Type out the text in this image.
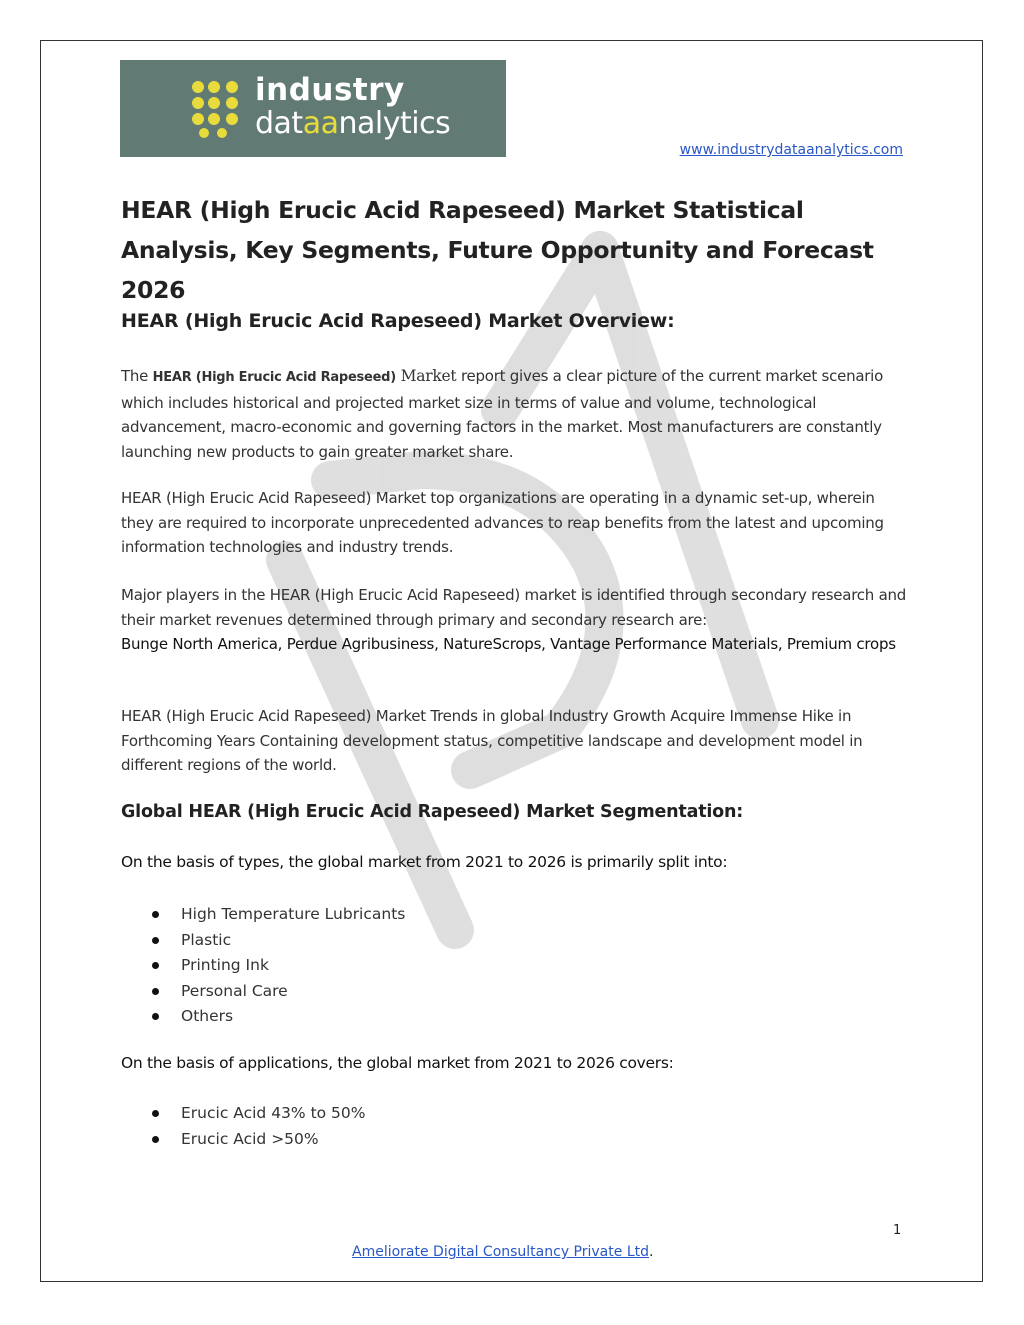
industry
dataanalytics
www.industrydataanalytics.com
HEAR (High Erucic Acid Rapeseed) Market Statistical Analysis, Key Segments, Future Opportunity and Forecast 2026
HEAR (High Erucic Acid Rapeseed) Market Overview:

The HEAR (High Erucic Acid Rapeseed) Market report gives a clear picture of the current market scenario which includes historical and projected market size in terms of value and volume, technological advancement, macro-economic and governing factors in the market. Most manufacturers are constantly launching new products to gain greater market share.

HEAR (High Erucic Acid Rapeseed) Market top organizations are operating in a dynamic set-up, wherein they are required to incorporate unprecedented advances to reap benefits from the latest and upcoming information technologies and industry trends.

Major players in the HEAR (High Erucic Acid Rapeseed) market is identified through secondary research and their market revenues determined through primary and secondary research are:

Bunge North America, Perdue Agribusiness, NatureScrops, Vantage Performance Materials, Premium crops

HEAR (High Erucic Acid Rapeseed) Market Trends in global Industry Growth Acquire Immense Hike in Forthcoming Years Containing development status, competitive landscape and development model in different regions of the world.

Global HEAR (High Erucic Acid Rapeseed) Market Segmentation:
On the basis of types, the global market from 2021 to 2026 is primarily split into:
High Temperature Lubricants
Plastic
Printing Ink
Personal Care
Others
On the basis of applications, the global market from 2021 to 2026 covers:
Erucic Acid 43% to 50%
Erucic Acid >50%
1
Ameliorate Digital Consultancy Private Ltd.
